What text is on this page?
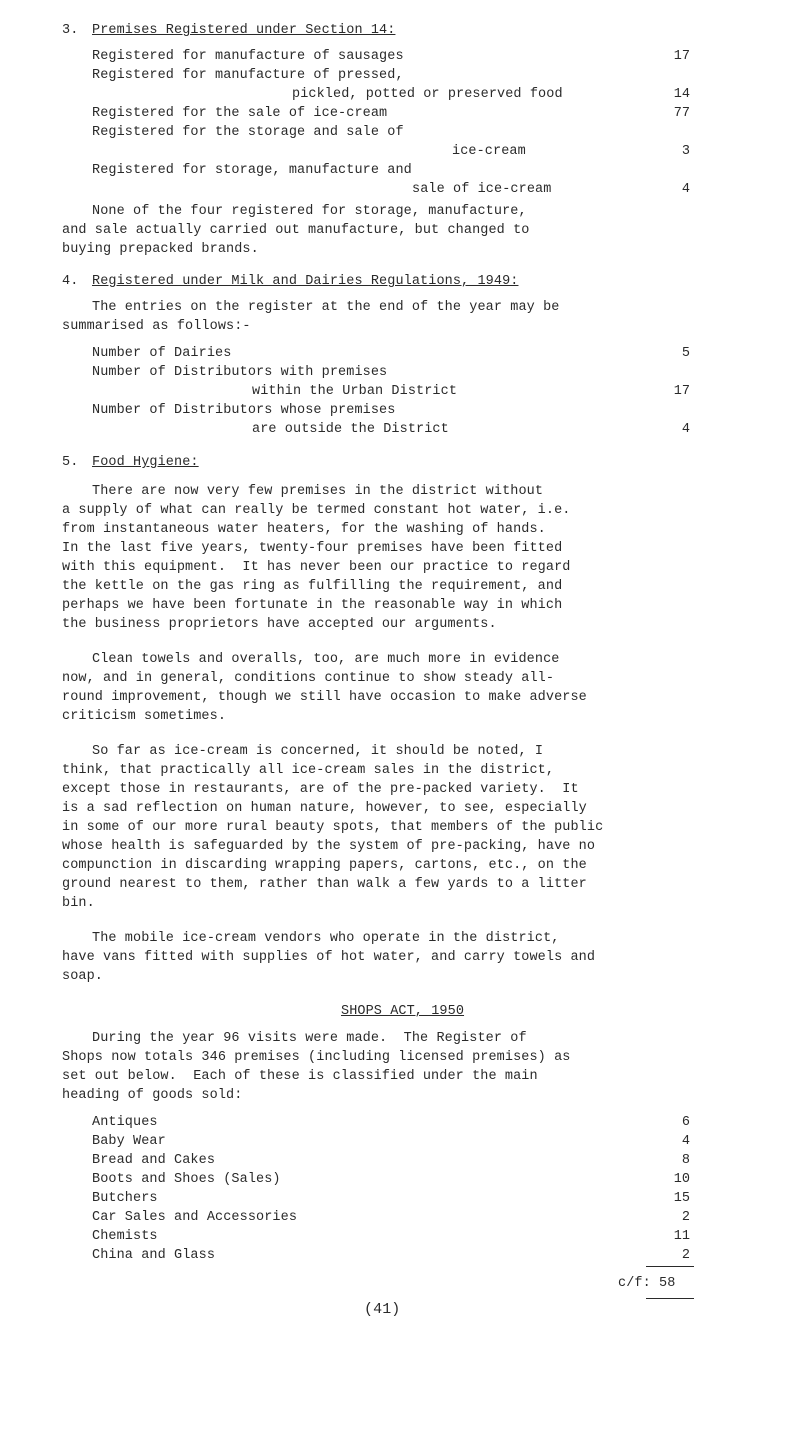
3. Premises Registered under Section 14:
Registered for manufacture of sausages	17
Registered for manufacture of pressed,
pickled, potted or preserved food	14
Registered for the sale of ice-cream	77
Registered for the storage and sale of
ice-cream	3
Registered for storage, manufacture and
sale of ice-cream	4
None of the four registered for storage, manufacture,
and sale actually carried out manufacture, but changed to
buying prepacked brands.
4. Registered under Milk and Dairies Regulations, 1949:
The entries on the register at the end of the year may be
summarised as follows:-
Number of Dairies	5
Number of Distributors with premises
within the Urban District	17
Number of Distributors whose premises
are outside the District	4
5. Food Hygiene:
There are now very few premises in the district without
a supply of what can really be termed constant hot water, i.e.
from instantaneous water heaters, for the washing of hands.
In the last five years, twenty-four premises have been fitted
with this equipment.  It has never been our practice to regard
the kettle on the gas ring as fulfilling the requirement, and
perhaps we have been fortunate in the reasonable way in which
the business proprietors have accepted our arguments.
Clean towels and overalls, too, are much more in evidence
now, and in general, conditions continue to show steady all-
round improvement, though we still have occasion to make adverse
criticism sometimes.
So far as ice-cream is concerned, it should be noted, I
think, that practically all ice-cream sales in the district,
except those in restaurants, are of the pre-packed variety.  It
is a sad reflection on human nature, however, to see, especially
in some of our more rural beauty spots, that members of the public
whose health is safeguarded by the system of pre-packing, have no
compunction in discarding wrapping papers, cartons, etc., on the
ground nearest to them, rather than walk a few yards to a litter
bin.
The mobile ice-cream vendors who operate in the district,
have vans fitted with supplies of hot water, and carry towels and
soap.
SHOPS ACT, 1950
During the year 96 visits were made.  The Register of
Shops now totals 346 premises (including licensed premises) as
set out below.  Each of these is classified under the main
heading of goods sold:
Antiques	6
Baby Wear	4
Bread and Cakes	8
Boots and Shoes (Sales)	10
Butchers	15
Car Sales and Accessories	2
Chemists	11
China and Glass	2
c/f: 58
(41)
